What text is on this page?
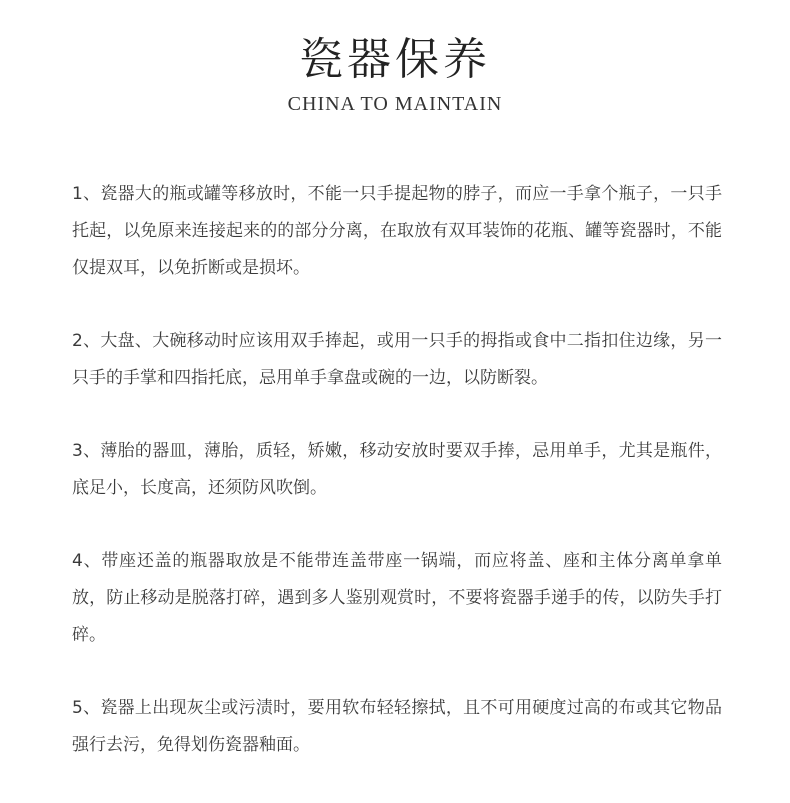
瓷器保养
CHINA TO MAINTAIN

1、瓷器大的瓶或罐等移放时，不能一只手提起物的脖子，而应一手拿个瓶子，一只手托起，以免原来连接起来的的部分分离，在取放有双耳装饰的花瓶、罐等瓷器时，不能仅提双耳，以免折断或是损坏。

2、大盘、大碗移动时应该用双手捧起，或用一只手的拇指或食中二指扣住边缘，另一只手的手掌和四指托底，忌用单手拿盘或碗的一边，以防断裂。

3、薄胎的器皿，薄胎，质轻，矫嫩，移动安放时要双手捧，忌用单手，尤其是瓶件，底足小，长度高，还须防风吹倒。

4、带座还盖的瓶器取放是不能带连盖带座一锅端，而应将盖、座和主体分离单拿单放，防止移动是脱落打碎，遇到多人鉴别观赏时，不要将瓷器手递手的传，以防失手打碎。

5、瓷器上出现灰尘或污渍时，要用软布轻轻擦拭，且不可用硬度过高的布或其它物品强行去污，免得划伤瓷器釉面。
